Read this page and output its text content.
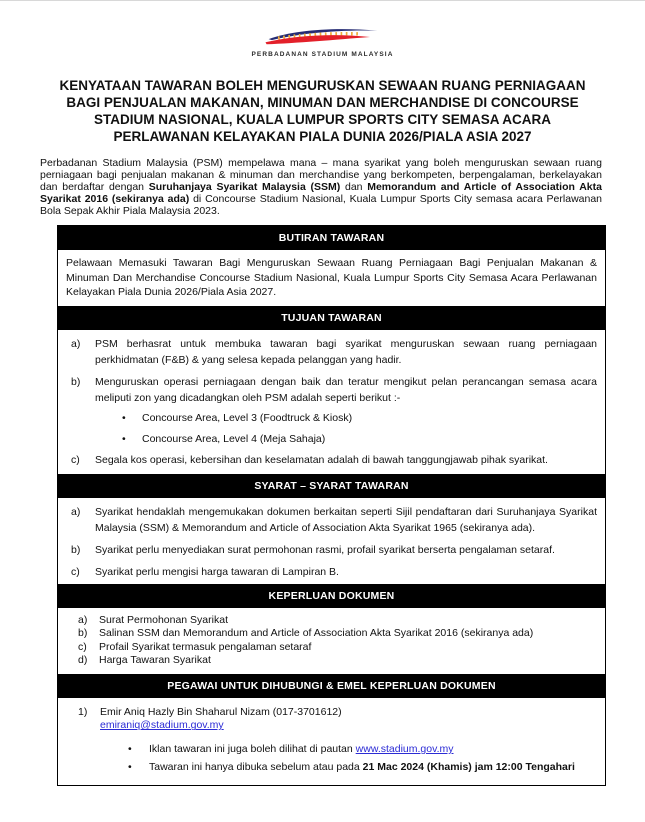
PERBADANAN STADIUM MALAYSIA
KENYATAAN TAWARAN BOLEH MENGURUSKAN SEWAAN RUANG PERNIAGAAN BAGI PENJUALAN MAKANAN, MINUMAN DAN MERCHANDISE DI CONCOURSE STADIUM NASIONAL, KUALA LUMPUR SPORTS CITY SEMASA ACARA PERLAWANAN KELAYAKAN PIALA DUNIA 2026/PIALA ASIA 2027

Perbadanan Stadium Malaysia (PSM) mempelawa mana – mana syarikat yang boleh menguruskan sewaan ruang perniagaan bagi penjualan makanan & minuman dan merchandise yang berkompeten, berpengalaman, berkelayakan dan berdaftar dengan Suruhanjaya Syarikat Malaysia (SSM) dan Memorandum and Article of Association Akta Syarikat 2016 (sekiranya ada) di Concourse Stadium Nasional, Kuala Lumpur Sports City semasa acara Perlawanan Bola Sepak Akhir Piala Malaysia 2023.

BUTIRAN TAWARAN
Pelawaan Memasuki Tawaran Bagi Menguruskan Sewaan Ruang Perniagaan Bagi Penjualan Makanan & Minuman Dan Merchandise Concourse Stadium Nasional, Kuala Lumpur Sports City Semasa Acara Perlawanan Kelayakan Piala Dunia 2026/Piala Asia 2027.
TUJUAN TAWARAN
a)	PSM berhasrat untuk membuka tawaran bagi syarikat menguruskan sewaan ruang perniagaan perkhidmatan (F&B) & yang selesa kepada pelanggan yang hadir.
b)	Menguruskan operasi perniagaan dengan baik dan teratur mengikut pelan perancangan semasa acara meliputi zon yang dicadangkan oleh PSM adalah seperti berikut :-
• Concourse Area, Level 3 (Foodtruck & Kiosk)
• Concourse Area, Level 4 (Meja Sahaja)
c)	Segala kos operasi, kebersihan dan keselamatan adalah di bawah tanggungjawab pihak syarikat.
SYARAT – SYARAT TAWARAN
a)	Syarikat hendaklah mengemukakan dokumen berkaitan seperti Sijil pendaftaran dari Suruhanjaya Syarikat Malaysia (SSM) & Memorandum and Article of Association Akta Syarikat 1965 (sekiranya ada).
b)	Syarikat perlu menyediakan surat permohonan rasmi, profail syarikat berserta pengalaman setaraf.
c)	Syarikat perlu mengisi harga tawaran di Lampiran B.
KEPERLUAN DOKUMEN
a)	Surat Permohonan Syarikat
b)	Salinan SSM dan Memorandum and Article of Association Akta Syarikat 2016 (sekiranya ada)
c)	Profail Syarikat termasuk pengalaman setaraf
d)	Harga Tawaran Syarikat
PEGAWAI UNTUK DIHUBUNGI & EMEL KEPERLUAN DOKUMEN
1)	Emir Aniq Hazly Bin Shaharul Nizam (017-3701612)
emiraniq@stadium.gov.my
• Iklan tawaran ini juga boleh dilihat di pautan www.stadium.gov.my
• Tawaran ini hanya dibuka sebelum atau pada 21 Mac 2024 (Khamis) jam 12:00 Tengahari
